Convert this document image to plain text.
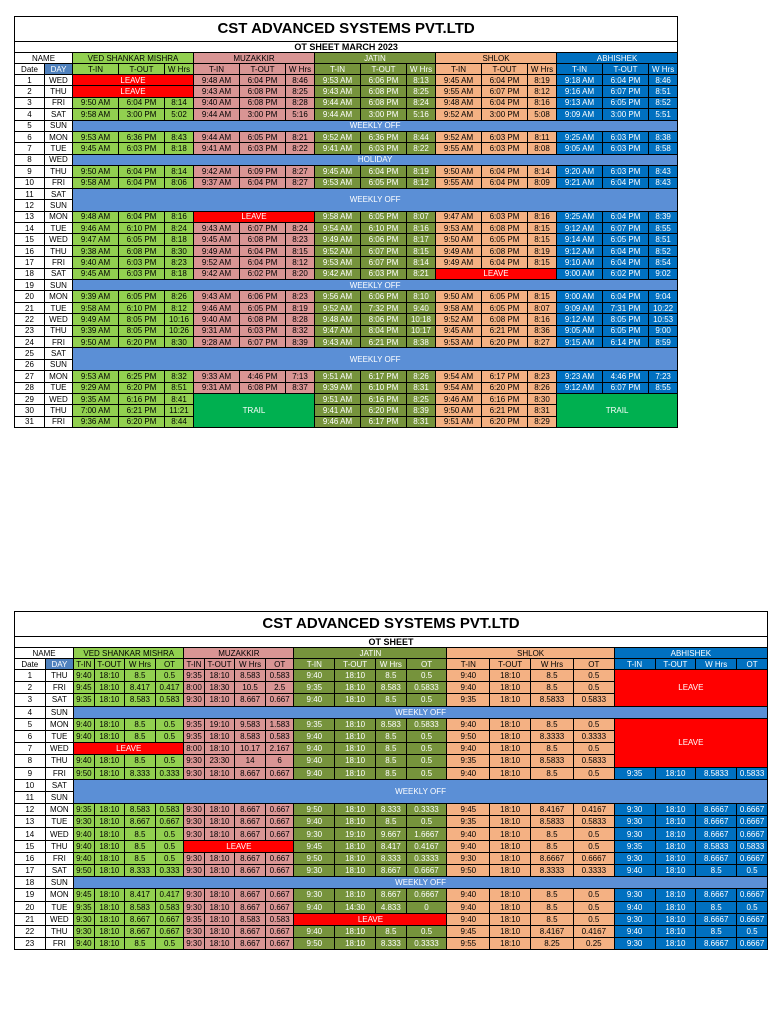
CST ADVANCED SYSTEMS PVT.LTD																
OT SHEET MARCH 2023																
NAME		VED SHANKAR MISHRA			MUZAKKIR			JATIN			SHLOK			ABHISHEK		
Date	DAY	T-IN	T-OUT	W Hrs	T-IN	T-OUT	W Hrs	T-IN	T-OUT	W Hrs	T-IN	T-OUT	W Hrs	T-IN	T-OUT	W Hrs
1	WED	LEAVE			9:48 AM	6:04 PM	8:46	9:53 AM	6:06 PM	8:13	9:45 AM	6:04 PM	8:19	9:18 AM	6:04 PM	8:46
2	THU	LEAVE			9:43 AM	6:08 PM	8:25	9:43 AM	6:08 PM	8:25	9:55 AM	6:07 PM	8:12	9:16 AM	6:07 PM	8:51
3	FRI	9:50 AM	6:04 PM	8:14	9:40 AM	6:08 PM	8:28	9:44 AM	6:08 PM	8:24	9:48 AM	6:04 PM	8:16	9:13 AM	6:05 PM	8:52
4	SAT	9:58 AM	3:00 PM	5:02	9:44 AM	3:00 PM	5:16	9:44 AM	3:00 PM	5:16	9:52 AM	3:00 PM	5:08	9:09 AM	3:00 PM	5:51
5	SUN	WEEKLY OFF														
6	MON	9:53 AM	6:36 PM	8:43	9:44 AM	6:05 PM	8:21	9:52 AM	6:36 PM	8:44	9:52 AM	6:03 PM	8:11	9:25 AM	6:03 PM	8:38
7	TUE	9:45 AM	6:03 PM	8:18	9:41 AM	6:03 PM	8:22	9:41 AM	6:03 PM	8:22	9:55 AM	6:03 PM	8:08	9:05 AM	6:03 PM	8:58
8	WED	HOLIDAY														
9	THU	9:50 AM	6:04 PM	8:14	9:42 AM	6:09 PM	8:27	9:45 AM	6:04 PM	8:19	9:50 AM	6:04 PM	8:14	9:20 AM	6:03 PM	8:43
10	FRI	9:58 AM	6:04 PM	8:06	9:37 AM	6:04 PM	8:27	9:53 AM	6:05 PM	8:12	9:55 AM	6:04 PM	8:09	9:21 AM	6:04 PM	8:43
11	SAT	WEEKLY OFF														
12	SUN															
13	MON	9:48 AM	6:04 PM	8:16	LEAVE			9:58 AM	6:05 PM	8:07	9:47 AM	6:03 PM	8:16	9:25 AM	6:04 PM	8:39
14	TUE	9:46 AM	6:10 PM	8:24	9:43 AM	6:07 PM	8:24	9:54 AM	6:10 PM	8:16	9:53 AM	6:08 PM	8:15	9:12 AM	6:07 PM	8:55
15	WED	9:47 AM	6:05 PM	8:18	9:45 AM	6:08 PM	8:23	9:49 AM	6:06 PM	8:17	9:50 AM	6:05 PM	8:15	9:14 AM	6:05 PM	8:51
16	THU	9:38 AM	6:08 PM	8:30	9:49 AM	6:04 PM	8:15	9:52 AM	6:07 PM	8:15	9:49 AM	6:08 PM	8:19	9:12 AM	6:04 PM	8:52
17	FRI	9:40 AM	6:03 PM	8:23	9:52 AM	6:04 PM	8:12	9:53 AM	6:07 PM	8:14	9:49 AM	6:04 PM	8:15	9:10 AM	6:04 PM	8:54
18	SAT	9:45 AM	6:03 PM	8:18	9:42 AM	6:02 PM	8:20	9:42 AM	6:03 PM	8:21	LEAVE			9:00 AM	6:02 PM	9:02
19	SUN	WEEKLY OFF														
20	MON	9:39 AM	6:05 PM	8:26	9:43 AM	6:06 PM	8:23	9:56 AM	6:06 PM	8:10	9:50 AM	6:05 PM	8:15	9:00 AM	6:04 PM	9:04
21	TUE	9:58 AM	6:10 PM	8:12	9:46 AM	6:05 PM	8:19	9:52 AM	7:32 PM	9:40	9:58 AM	6:05 PM	8:07	9:09 AM	7:31 PM	10:22
22	WED	9:49 AM	8:05 PM	10:16	9:40 AM	6:08 PM	8:28	9:48 AM	8:06 PM	10:18	9:52 AM	6:08 PM	8:16	9:12 AM	8:05 PM	10:53
23	THU	9:39 AM	8:05 PM	10:26	9:31 AM	6:03 PM	8:32	9:47 AM	8:04 PM	10:17	9:45 AM	6:21 PM	8:36	9:05 AM	6:05 PM	9:00
24	FRI	9:50 AM	6:20 PM	8:30	9:28 AM	6:07 PM	8:39	9:43 AM	6:21 PM	8:38	9:53 AM	6:20 PM	8:27	9:15 AM	6:14 PM	8:59
25	SAT	WEEKLY OFF														
26	SUN															
27	MON	9:53 AM	6:25 PM	8:32	9:33 AM	4:46 PM	7:13	9:51 AM	6:17 PM	8:26	9:54 AM	6:17 PM	8:23	9:23 AM	4:46 PM	7:23
28	TUE	9:29 AM	6:20 PM	8:51	9:31 AM	6:08 PM	8:37	9:39 AM	6:10 PM	8:31	9:54 AM	6:20 PM	8:26	9:12 AM	6:07 PM	8:55
29	WED	9:35 AM	6:16 PM	8:41	TRAIL			9:51 AM	6:16 PM	8:25	9:46 AM	6:16 PM	8:30	TRAIL		
30	THU	7:00 AM	6:21 PM	11:21				9:41 AM	6:20 PM	8:39	9:50 AM	6:21 PM	8:31			
31	FRI	9:36 AM	6:20 PM	8:44				9:46 AM	6:17 PM	8:31	9:51 AM	6:20 PM	8:29			
CST ADVANCED SYSTEMS PVT.LTD																					
OT SHEET																					
NAME		VED SHANKAR MISHRA				MUZAKKIR				JATIN				SHLOK				ABHISHEK			
Date	DAY	T-IN	T-OUT	W Hrs	OT	T-IN	T-OUT	W Hrs	OT	T-IN	T-OUT	W Hrs	OT	T-IN	T-OUT	W Hrs	OT	T-IN	T-OUT	W Hrs	OT
1	THU	9:40	18:10	8.5	0.5	9:35	18:10	8.583	0.583	9:40	18:10	8.5	0.5	9:40	18:10	8.5	0.5	LEAVE			
2	FRI	9:45	18:10	8.417	0.417	8:00	18:30	10.5	2.5	9:35	18:10	8.583	0.5833	9:40	18:10	8.5	0.5				
3	SAT	9:35	18:10	8.583	0.583	9:30	18:10	8.667	0.667	9:40	18:10	8.5	0.5	9:35	18:10	8.5833	0.5833				
4	SUN	WEEKLY OFF																			
5	MON	9:40	18:10	8.5	0.5	9:35	19:10	9.583	1.583	9:35	18:10	8.583	0.5833	9:40	18:10	8.5	0.5	LEAVE			
6	TUE	9:40	18:10	8.5	0.5	9:35	18:10	8.583	0.583	9:40	18:10	8.5	0.5	9:50	18:10	8.3333	0.3333				
7	WED	LEAVE				8:00	18:10	10.17	2.167	9:40	18:10	8.5	0.5	9:40	18:10	8.5	0.5				
8	THU	9:40	18:10	8.5	0.5	9:30	23:30	14	6	9:40	18:10	8.5	0.5	9:35	18:10	8.5833	0.5833				
9	FRI	9:50	18:10	8.333	0.333	9:30	18:10	8.667	0.667	9:40	18:10	8.5	0.5	9:40	18:10	8.5	0.5	9:35	18:10	8.5833	0.5833
10	SAT	WEEKLY OFF																			
11	SUN																				
12	MON	9:35	18:10	8.583	0.583	9:30	18:10	8.667	0.667	9:50	18:10	8.333	0.3333	9:45	18:10	8.4167	0.4167	9:30	18:10	8.6667	0.6667
13	TUE	9:30	18:10	8.667	0.667	9:30	18:10	8.667	0.667	9:40	18:10	8.5	0.5	9:35	18:10	8.5833	0.5833	9:30	18:10	8.6667	0.6667
14	WED	9:40	18:10	8.5	0.5	9:30	18:10	8.667	0.667	9:30	19:10	9.667	1.6667	9:40	18:10	8.5	0.5	9:30	18:10	8.6667	0.6667
15	THU	9:40	18:10	8.5	0.5	LEAVE				9:45	18:10	8.417	0.4167	9:40	18:10	8.5	0.5	9:35	18:10	8.5833	0.5833
16	FRI	9:40	18:10	8.5	0.5	9:30	18:10	8.667	0.667	9:50	18:10	8.333	0.3333	9:30	18:10	8.6667	0.6667	9:30	18:10	8.6667	0.6667
17	SAT	9:50	18:10	8.333	0.333	9:30	18:10	8.667	0.667	9:30	18:10	8.667	0.6667	9:50	18:10	8.3333	0.3333	9:40	18:10	8.5	0.5
18	SUN	WEEKLY OFF																			
19	MON	9:45	18:10	8.417	0.417	9:30	18:10	8.667	0.667	9:30	18:10	8.667	0.6667	9:40	18:10	8.5	0.5	9:30	18:10	8.6667	0.6667
20	TUE	9:35	18:10	8.583	0.583	9:30	18:10	8.667	0.667	9:40	14:30	4.833	0	9:40	18:10	8.5	0.5	9:40	18:10	8.5	0.5
21	WED	9:30	18:10	8.667	0.667	9:35	18:10	8.583	0.583	LEAVE				9:40	18:10	8.5	0.5	9:30	18:10	8.6667	0.6667
22	THU	9:30	18:10	8.667	0.667	9:30	18:10	8.667	0.667	9:40	18:10	8.5	0.5	9:45	18:10	8.4167	0.4167	9:40	18:10	8.5	0.5
23	FRI	9:40	18:10	8.5	0.5	9:30	18:10	8.667	0.667	9:50	18:10	8.333	0.3333	9:55	18:10	8.25	0.25	9:30	18:10	8.6667	0.6667
